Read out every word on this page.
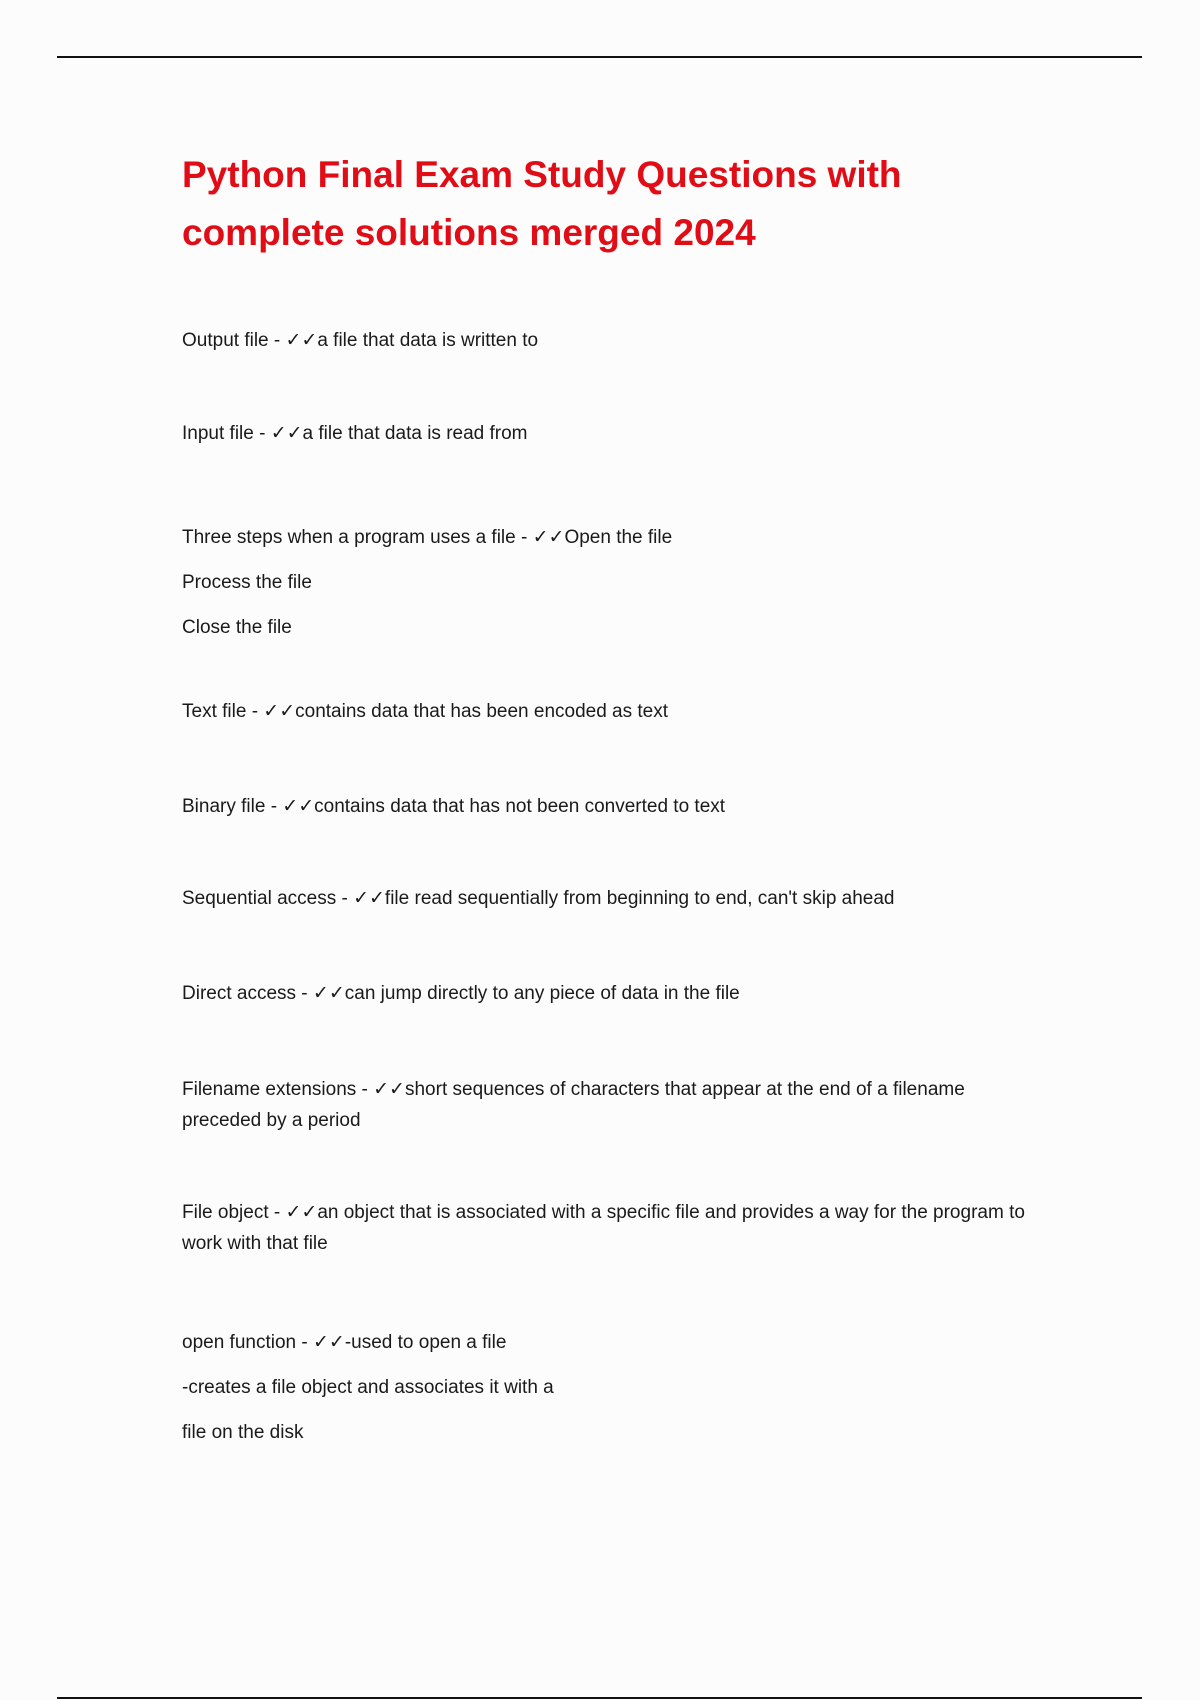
Python Final Exam Study Questions with
complete solutions merged 2024
Output file - ✓✓a file that data is written to
Input file - ✓✓a file that data is read from
Three steps when a program uses a file - ✓✓Open the file
Process the file
Close the file
Text file - ✓✓contains data that has been encoded as text
Binary file - ✓✓contains data that has not been converted to text
Sequential access - ✓✓file read sequentially from beginning to end, can't skip ahead
Direct access - ✓✓can jump directly to any piece of data in the file
Filename extensions - ✓✓short sequences of characters that appear at the end of a filename
preceded by a period
File object - ✓✓an object that is associated with a specific file and provides a way for the program to
work with that file
open function - ✓✓-used to open a file
-creates a file object and associates it with a
file on the disk
